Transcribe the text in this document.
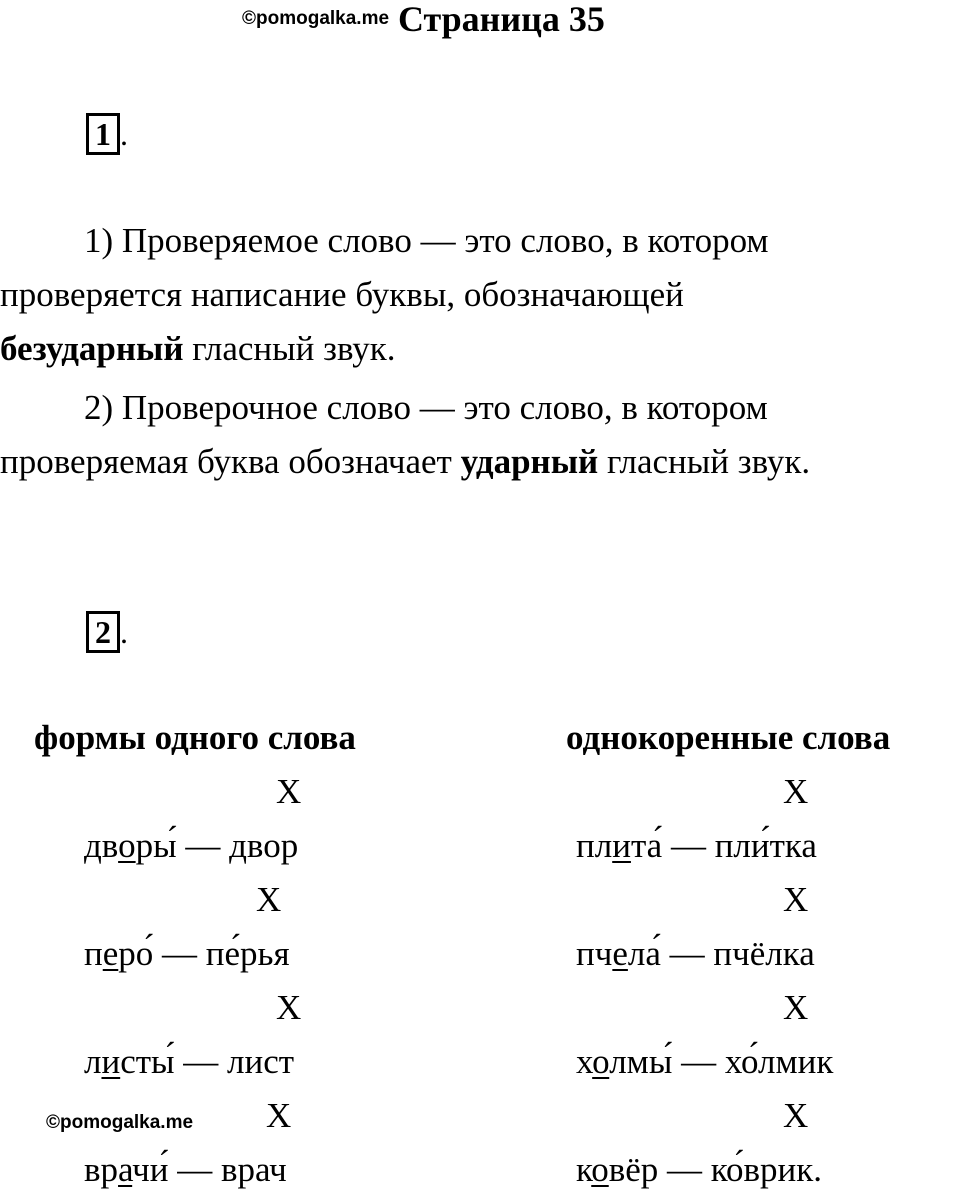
©pomogalka.me Страница 35
1 .
1) Проверяемое слово — это слово, в котором
проверяется написание буквы, обозначающей
безударный гласный звук.
2) Проверочное слово — это слово, в котором
проверяемая буква обозначает ударный гласный звук.
2 .
формы одного слова	однокоренные слова
X
X
X
X
дворы́ — двор
перо́ — пе́рья
листы́ — лист
врачи́ — врач
X
X
X
X
плита́ — пли́тка
пчела́ — пчёлка
холмы́ — хо́лмик
ковёр — ко́врик.
©pomogalka.me
